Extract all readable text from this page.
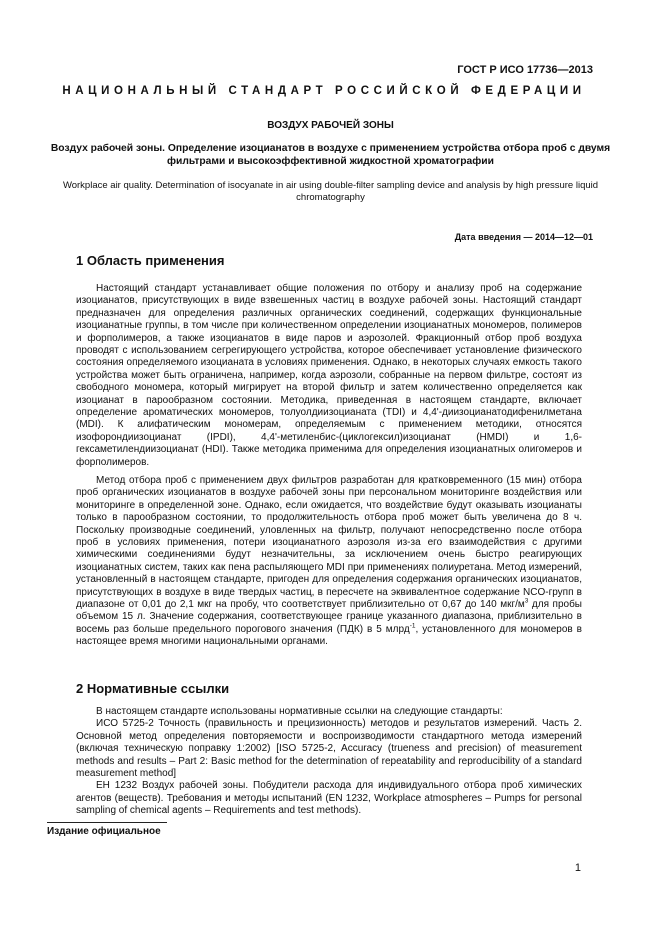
ГОСТ Р ИСО 17736—2013
НАЦИОНАЛЬНЫЙ СТАНДАРТ РОССИЙСКОЙ ФЕДЕРАЦИИ
ВОЗДУХ РАБОЧЕЙ ЗОНЫ
Воздух рабочей зоны. Определение изоцианатов в воздухе с применением устройства отбора проб с двумя фильтрами и высокоэффективной жидкостной хроматографии
Workplace air quality. Determination of isocyanate in air using double-filter sampling device and analysis by high pressure liquid chromatography
Дата введения — 2014—12—01
1 Область применения

Настоящий стандарт устанавливает общие положения по отбору и анализу проб на содержание изоцианатов, присутствующих в виде взвешенных частиц в воздухе рабочей зоны. Настоящий стандарт предназначен для определения различных органических соединений, содержащих функциональные изоцианатные группы, в том числе при количественном определении изоцианатных мономеров, полимеров и форполимеров, а также изоцианатов в виде паров и аэрозолей. Фракционный отбор проб воздуха проводят с использованием сегрегирующего устройства, которое обеспечивает установление физического состояния определяемого изоцианата в условиях применения. Однако, в некоторых случаях емкость такого устройства может быть ограничена, например, когда аэрозоли, собранные на первом фильтре, состоят из свободного мономера, который мигрирует на второй фильтр и затем количественно определяется как изоцианат в парообразном состоянии. Методика, приведенная в настоящем стандарте, включает определение ароматических мономеров, толуолдиизоцианата (TDI) и 4,4'-диизоцианатодифенилметана (MDI). К алифатическим мономерам, определяемым с применением методики, относятся изофорондиизоцианат (IPDI), 4,4'-метиленбис-(циклогексил)изоцианат (HMDI) и 1,6-гексаметилендиизоцианат (HDI). Также методика применима для определения изоцианатных олигомеров и форполимеров.

Метод отбора проб с применением двух фильтров разработан для кратковременного (15 мин) отбора проб органических изоцианатов в воздухе рабочей зоны при персональном мониторинге воздействия или мониторинге в определенной зоне. Однако, если ожидается, что воздействие будут оказывать изоцианаты только в парообразном состоянии, то продолжительность отбора проб может быть увеличена до 8 ч. Поскольку производные соединений, уловленных на фильтр, получают непосредственно после отбора проб в условиях применения, потери изоцианатного аэрозоля из-за его взаимодействия с другими химическими соединениями будут незначительны, за исключением очень быстро реагирующих изоцианатных систем, таких как пена распыляющего MDI при применениях полиуретана. Метод измерений, установленный в настоящем стандарте, пригоден для определения содержания органических изоцианатов, присутствующих в воздухе в виде твердых частиц, в пересчете на эквивалентное содержание NCO-групп в диапазоне от 0,01 до 2,1 мкг на пробу, что соответствует приблизительно от 0,67 до 140 мкг/$м^3$ для пробы объемом 15 л. Значение содержания, соответствующее границе указанного диапазона, приблизительно в восемь раз больше предельного порогового значения (ПДК) в 5 млрд$^{-1}$, установленного для мономеров в настоящее время многими национальными органами.

2 Нормативные ссылки

В настоящем стандарте использованы нормативные ссылки на следующие стандарты:

ИСО 5725-2 Точность (правильность и прецизионность) методов и результатов измерений. Часть 2. Основной метод определения повторяемости и воспроизводимости стандартного метода измерений (включая техническую поправку 1:2002) [ISO 5725-2, Accuracy (trueness and precision) of measurement methods and results – Part 2: Basic method for the determination of repeatability and reproducibility of a standard measurement method]

ЕН 1232 Воздух рабочей зоны. Побудители расхода для индивидуального отбора проб химических агентов (веществ). Требования и методы испытаний (EN 1232, Workplace atmospheres – Pumps for personal sampling of chemical agents – Requirements and test methods).

Издание официальное
1
